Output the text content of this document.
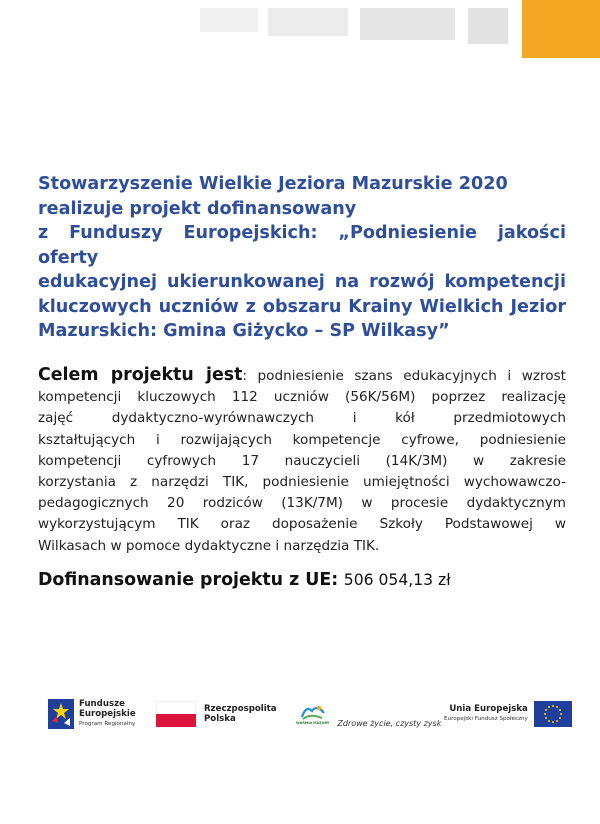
Stowarzyszenie Wielkie Jeziora Mazurskie 2020
realizuje projekt dofinansowany
z Funduszy Europejskich: „Podniesienie jakości oferty
edukacyjnej ukierunkowanej na rozwój kompetencji
kluczowych uczniów z obszaru Krainy Wielkich Jezior
Mazurskich: Gmina Giżycko – SP Wilkasy”
Celem projektu jest: podniesienie szans edukacyjnych i wzrost
kompetencji kluczowych 112 uczniów (56K/56M) poprzez realizację
zajęć dydaktyczno-wyrównawczych i kół przedmiotowych
kształtujących i rozwijających kompetencje cyfrowe, podniesienie
kompetencji cyfrowych 17 nauczycieli (14K/3M) w zakresie
korzystania z narzędzi TIK, podniesienie umiejętności wychowawczo-
pedagogicznych 20 rodziców (13K/7M) w procesie dydaktycznym
wykorzystującym TIK oraz doposażenie Szkoły Podstawowej w
Wilkasach w pomoce dydaktyczne i narzędzia TIK.

Dofinansowanie projektu z UE: 506 054,13 zł

Fundusze
Europejskie
Program Regionalny
Rzeczpospolita
Polska	WARMIA MAZURY Zdrowe życie, czysty zysk
Unia Europejska
Europejski Fundusz Społeczny
